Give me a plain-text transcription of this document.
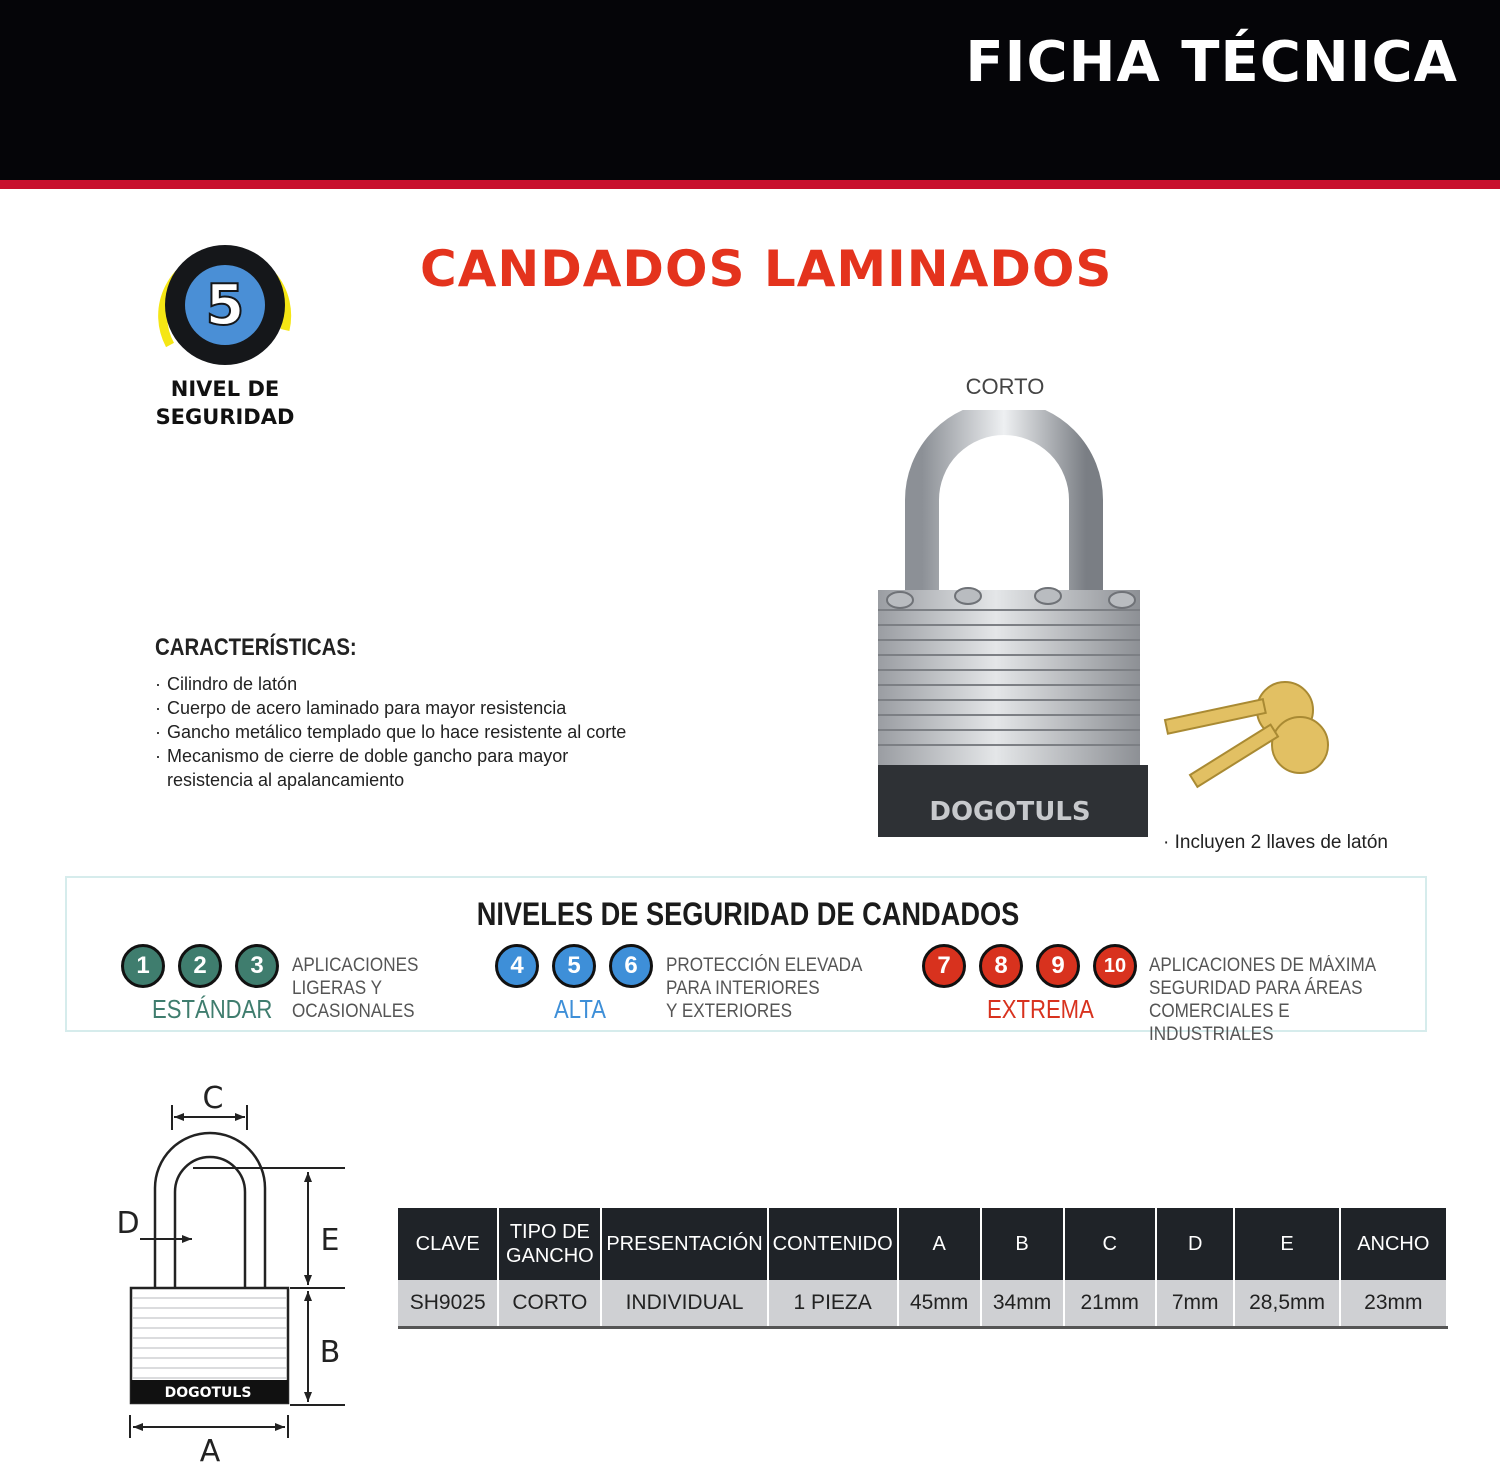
FICHA TÉCNICA
5
NIVEL DE
SEGURIDAD
CANDADOS LAMINADOS
CORTO
DOGOTULS
· Incluyen 2 llaves de latón
CARACTERÍSTICAS:
· Cilindro de latón
· Cuerpo de acero laminado para mayor resistencia
· Gancho metálico templado que lo hace resistente al corte
· Mecanismo de cierre de doble gancho para mayor resistencia al apalancamiento
NIVELES DE SEGURIDAD DE CANDADOS
1	2	3
ESTÁNDAR
APLICACIONES
LIGERAS Y
OCASIONALES
4	5	6
ALTA
PROTECCIÓN ELEVADA
PARA INTERIORES
Y EXTERIORES
7	8	9	10
EXTREMA
APLICACIONES DE MÁXIMA
SEGURIDAD PARA ÁREAS
COMERCIALES E INDUSTRIALES
DOGOTULS
C
D	E
B
A
CLAVE	TIPO DE GANCHO	PRESENTACIÓN	CONTENIDO	A	B	C	D	E	ANCHO
SH9025	CORTO	INDIVIDUAL	1 PIEZA	45mm	34mm	21mm	7mm	28,5mm	23mm
